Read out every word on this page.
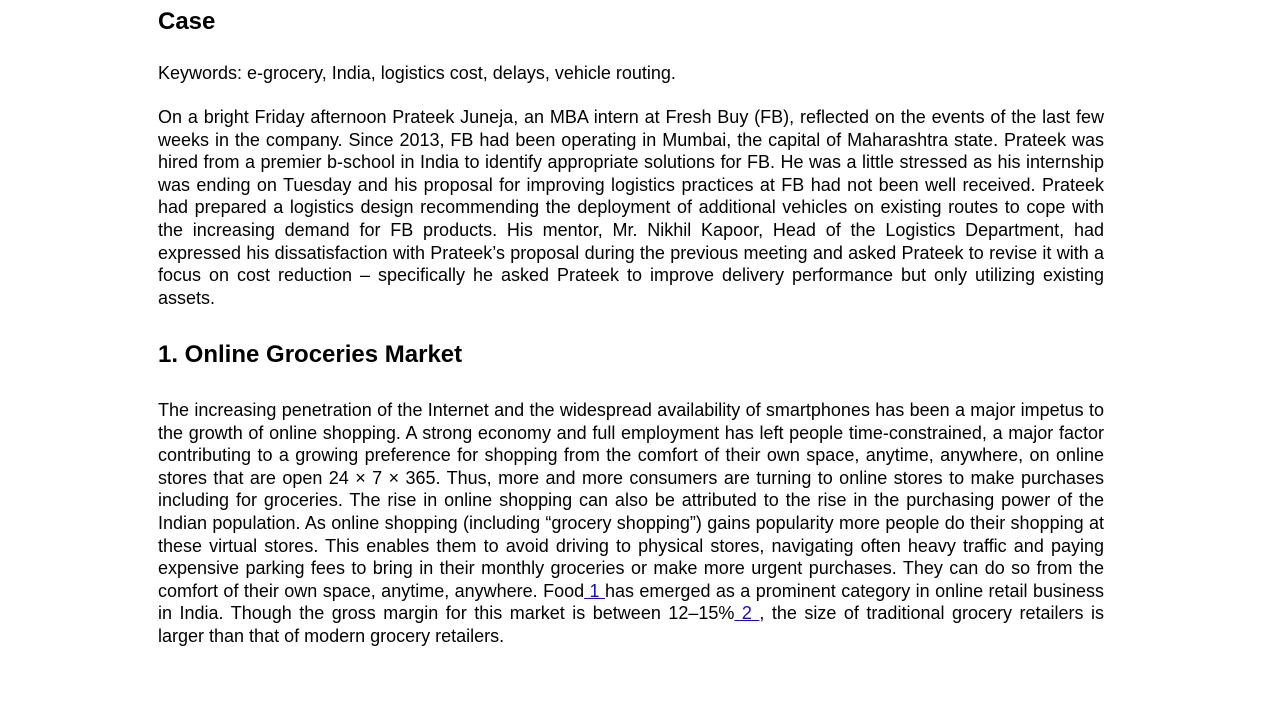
Case

Keywords: e-grocery, India, logistics cost, delays, vehicle routing.

On a bright Friday afternoon Prateek Juneja, an MBA intern at Fresh Buy (FB), reflected on the events of the last few weeks in the company. Since 2013, FB had been operating in Mumbai, the capital of Maharashtra state. Prateek was hired from a premier b-school in India to identify appropriate solutions for FB. He was a little stressed as his internship was ending on Tuesday and his proposal for improving logistics practices at FB had not been well received. Prateek had prepared a logistics design recommending the deployment of additional vehicles on existing routes to cope with the increasing demand for FB products. His mentor, Mr. Nikhil Kapoor, Head of the Logistics Department, had expressed his dissatisfaction with Prateek’s proposal during the previous meeting and asked Prateek to revise it with a focus on cost reduction – specifically he asked Prateek to improve delivery performance but only utilizing existing assets.

1. Online Groceries Market

The increasing penetration of the Internet and the widespread availability of smartphones has been a major impetus to the growth of online shopping. A strong economy and full employment has left people time-constrained, a major factor contributing to a growing preference for shopping from the comfort of their own space, anytime, anywhere, on online stores that are open 24 × 7 × 365. Thus, more and more consumers are turning to online stores to make purchases including for groceries. The rise in online shopping can also be attributed to the rise in the purchasing power of the Indian population. As online shopping (including “grocery shopping”) gains popularity more people do their shopping at these virtual stores. This enables them to avoid driving to physical stores, navigating often heavy traffic and paying expensive parking fees to bring in their monthly groceries or make more urgent purchases. They can do so from the comfort of their own space, anytime, anywhere. Food 1 has emerged as a prominent category in online retail business in India. Though the gross margin for this market is between 12–15% 2 , the size of traditional grocery retailers is larger than that of modern grocery retailers.
